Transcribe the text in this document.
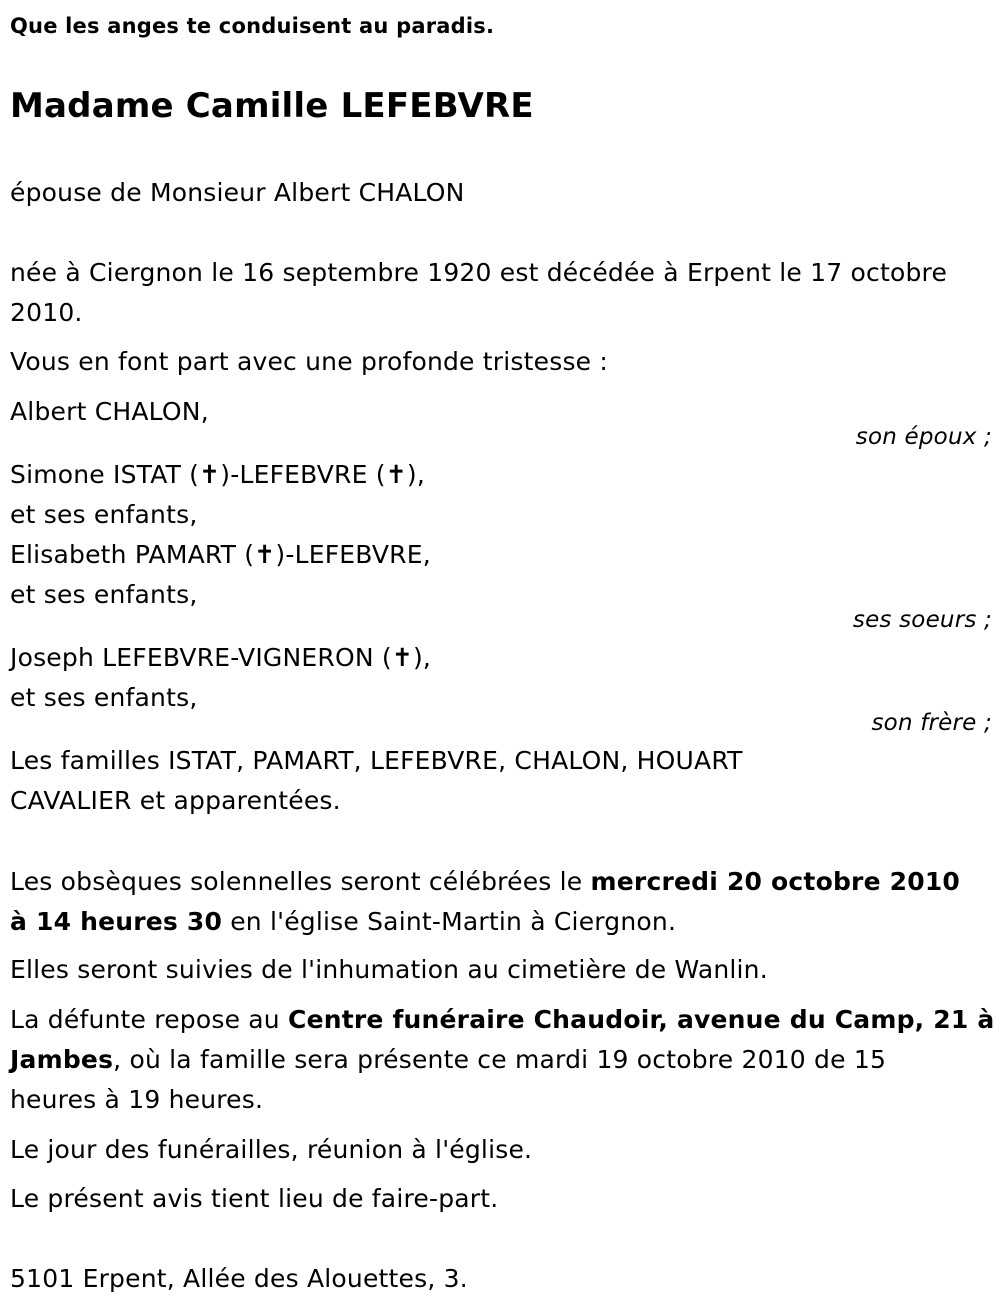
Que les anges te conduisent au paradis.
Madame Camille LEFEBVRE
épouse de Monsieur Albert CHALON
née à Ciergnon le 16 septembre 1920 est décédée à Erpent le 17 octobre
2010.
Vous en font part avec une profonde tristesse :
Albert CHALON,
son époux ;
Simone ISTAT (✝)-LEFEBVRE (✝),
et ses enfants,
Elisabeth PAMART (✝)-LEFEBVRE,
et ses enfants,
ses soeurs ;
Joseph LEFEBVRE-VIGNERON (✝),
et ses enfants,
son frère ;
Les familles ISTAT, PAMART, LEFEBVRE, CHALON, HOUART
CAVALIER et apparentées.
Les obsèques solennelles seront célébrées le mercredi 20 octobre 2010
à 14 heures 30 en l'église Saint-Martin à Ciergnon.
Elles seront suivies de l'inhumation au cimetière de Wanlin.
La défunte repose au Centre funéraire Chaudoir, avenue du Camp, 21 à
Jambes, où la famille sera présente ce mardi 19 octobre 2010 de 15
heures à 19 heures.
Le jour des funérailles, réunion à l'église.
Le présent avis tient lieu de faire-part.
5101 Erpent, Allée des Alouettes, 3.
